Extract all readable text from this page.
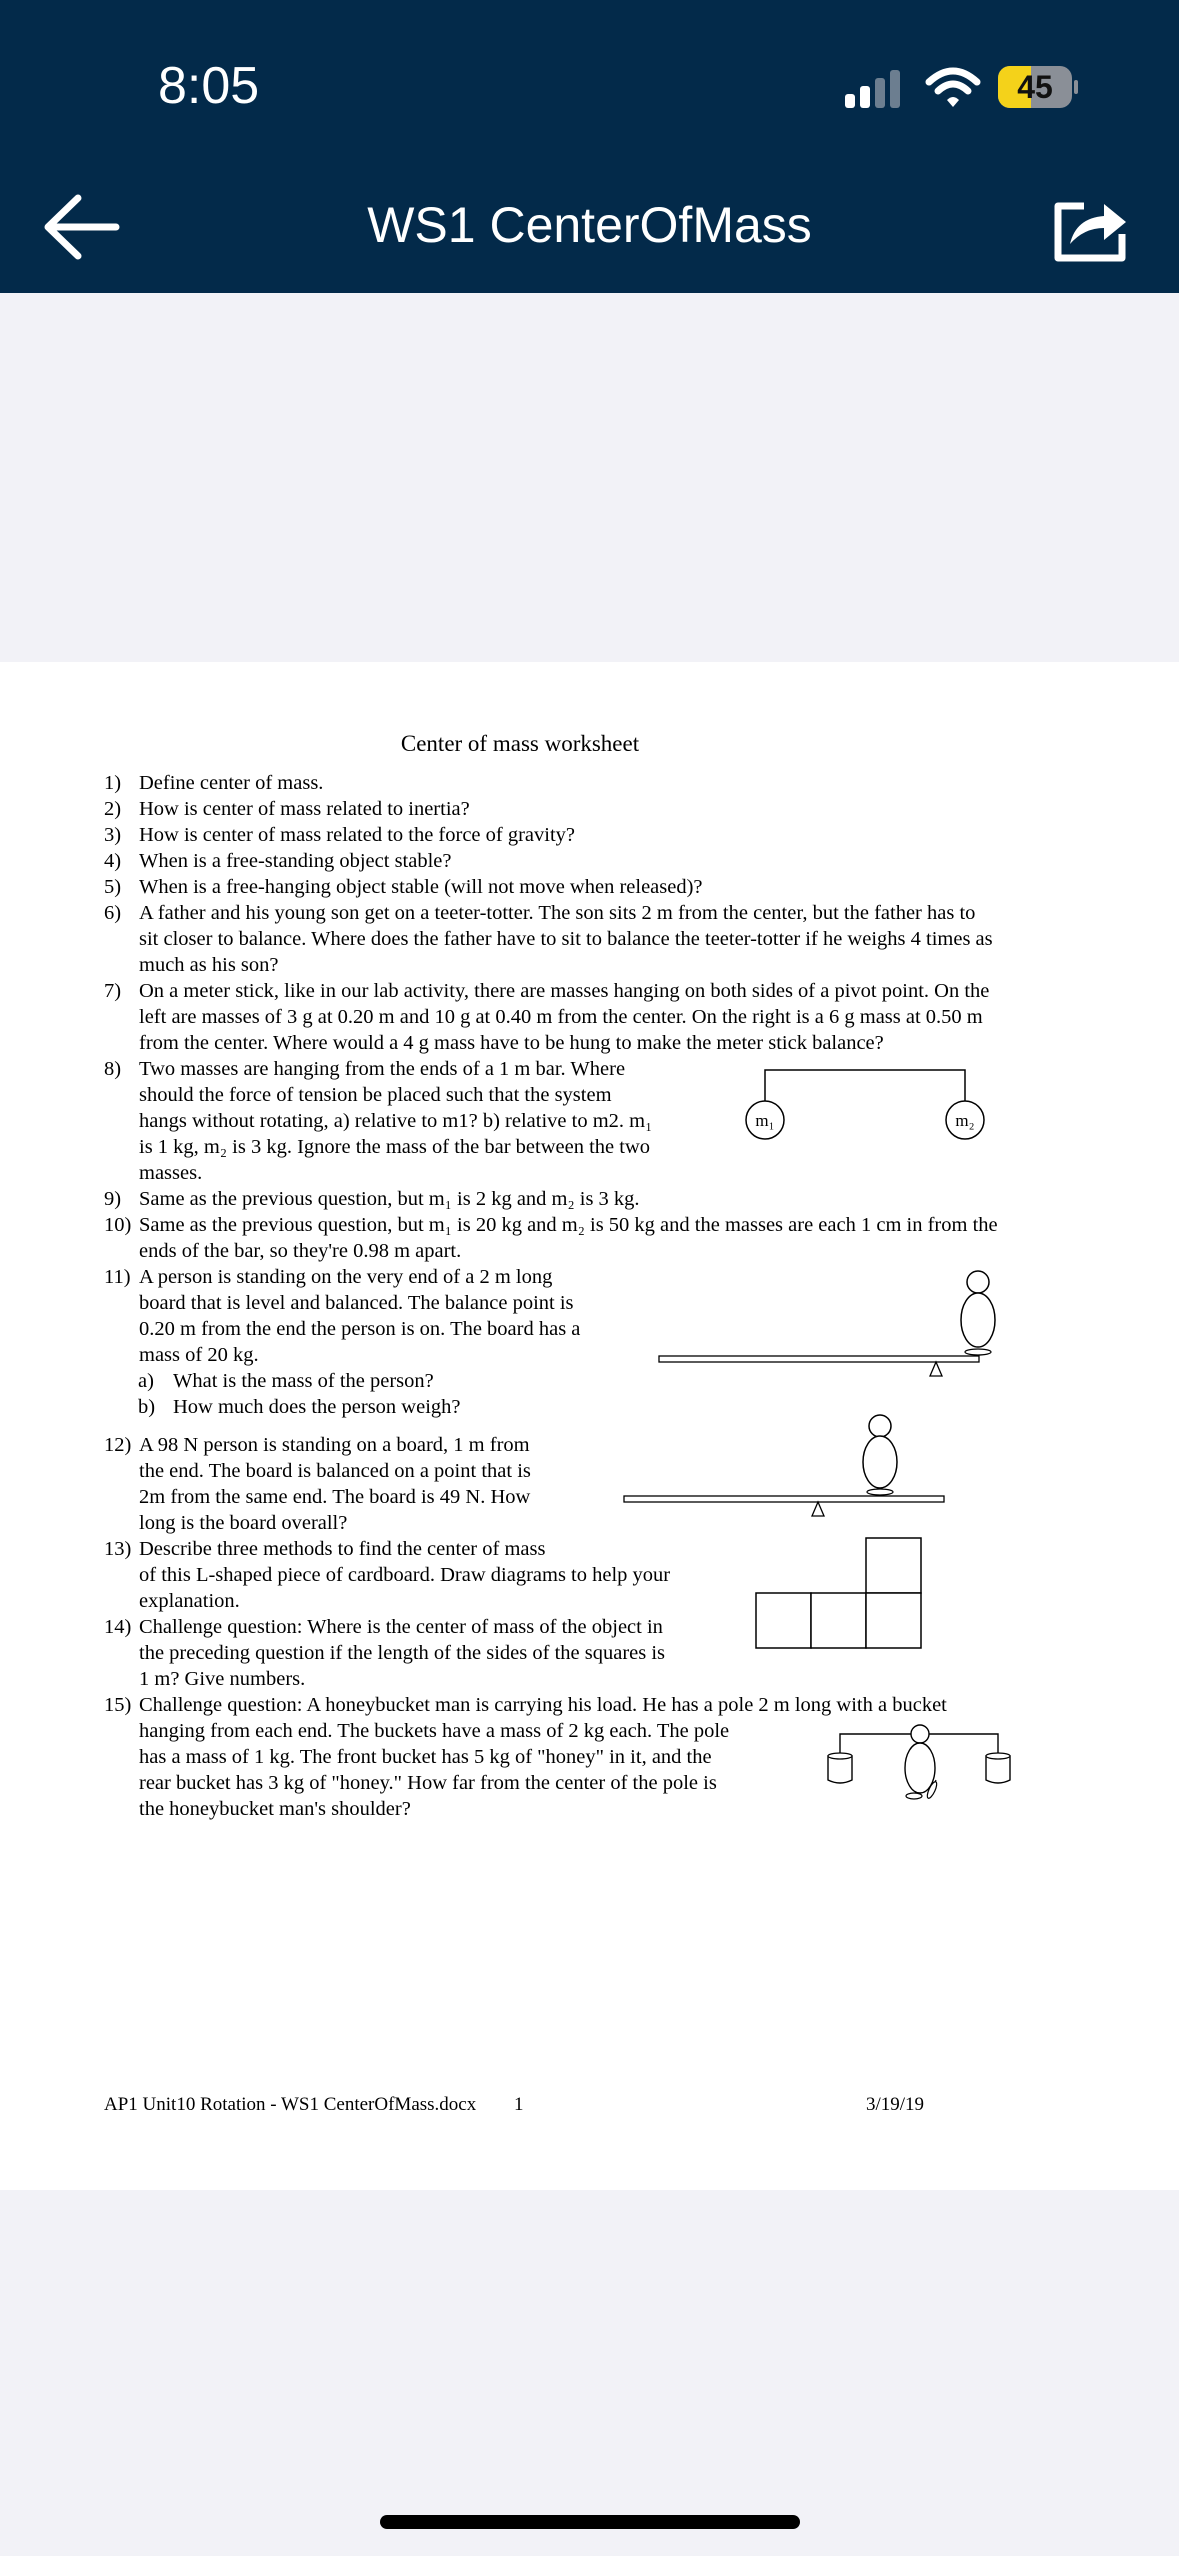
8:05	45
WS1 CenterOfMass
Center of mass worksheet
1) Define center of mass.
2) How is center of mass related to inertia?
3) How is center of mass related to the force of gravity?
4) When is a free-standing object stable?
5) When is a free-hanging object stable (will not move when released)?
6) A father and his young son get on a teeter-totter. The son sits 2 m from the center, but the father has to
sit closer to balance. Where does the father have to sit to balance the teeter-totter if he weighs 4 times as
much as his son?
7) On a meter stick, like in our lab activity, there are masses hanging on both sides of a pivot point. On the
left are masses of 3 g at 0.20 m and 10 g at 0.40 m from the center. On the right is a 6 g mass at 0.50 m
from the center. Where would a 4 g mass have to be hung to make the meter stick balance?
8) Two masses are hanging from the ends of a 1 m bar. Where
should the force of tension be placed such that the system
hangs without rotating, a) relative to m1? b) relative to m2. m₁
is 1 kg, m₂ is 3 kg. Ignore the mass of the bar between the two
masses.
m₁	m₂
9) Same as the previous question, but m₁ is 2 kg and m₂ is 3 kg.
10) Same as the previous question, but m₁ is 20 kg and m₂ is 50 kg and the masses are each 1 cm in from the
ends of the bar, so they're 0.98 m apart.
11) A person is standing on the very end of a 2 m long
board that is level and balanced. The balance point is
0.20 m from the end the person is on. The board has a
mass of 20 kg.
a) What is the mass of the person?
b) How much does the person weigh?
12) A 98 N person is standing on a board, 1 m from
the end. The board is balanced on a point that is
2m from the same end. The board is 49 N. How
long is the board overall?
13) Describe three methods to find the center of mass
of this L-shaped piece of cardboard. Draw diagrams to help your
explanation.
14) Challenge question: Where is the center of mass of the object in
the preceding question if the length of the sides of the squares is
1 m? Give numbers.
15) Challenge question: A honeybucket man is carrying his load. He has a pole 2 m long with a bucket
hanging from each end. The buckets have a mass of 2 kg each. The pole
has a mass of 1 kg. The front bucket has 5 kg of "honey" in it, and the
rear bucket has 3 kg of "honey." How far from the center of the pole is
the honeybucket man's shoulder?
AP1 Unit10 Rotation - WS1 CenterOfMass.docx 1	3/19/19
